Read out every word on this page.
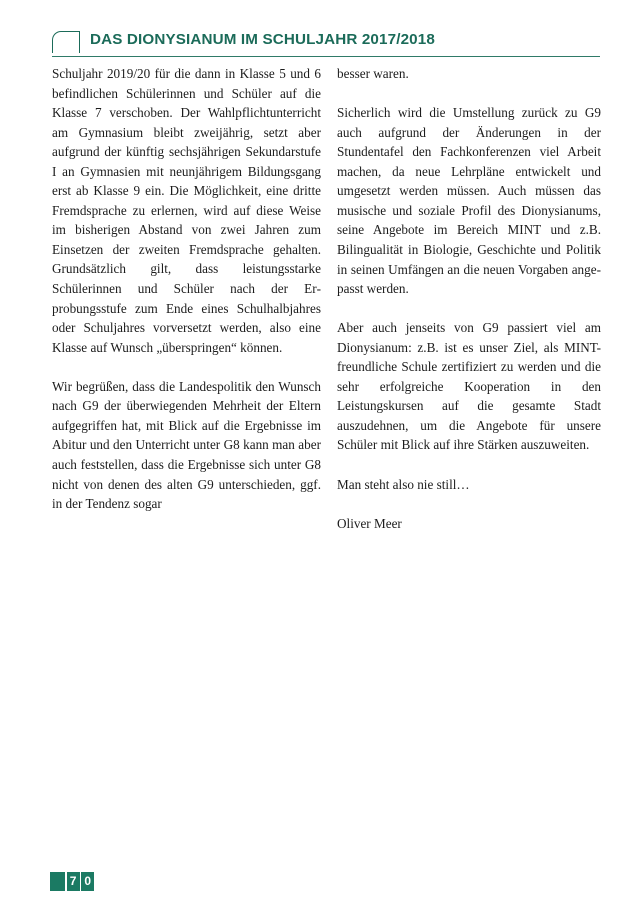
DAS DIONYSIANUM IM SCHULJAHR 2017/2018

Schuljahr 2019/20 für die dann in Klasse 5 und 6 befindlichen Schülerinnen und Schüler auf die Klasse 7 verschoben. Der Wahlpflichtunterricht am Gymnasium bleibt zweijährig, setzt aber aufgrund der künftig sechsjährigen Sekundarstufe I an Gymnasien mit neunjährigem Bildungsgang erst ab Klasse 9 ein. Die Möglichkeit, eine dritte Fremdsprache zu erlernen, wird auf diese Weise im bisherigen Abstand von zwei Jahren zum Einsetzen der zweiten Fremdsprache gehalten. Grundsätzlich gilt, dass leistungsstarke Schülerinnen und Schüler nach der Erprobungsstufe zum Ende eines Schulhalbjahres oder Schuljahres vorversetzt werden, also eine Klasse auf Wunsch „überspringen“ können.

Wir begrüßen, dass die Landespolitik den Wunsch nach G9 der überwiegenden Mehrheit der Eltern aufgegriffen hat, mit Blick auf die Ergebnisse im Abitur und den Unterricht unter G8 kann man aber auch feststellen, dass die Ergebnisse sich unter G8 nicht von denen des alten G9 unterschieden, ggf. in der Tendenz sogar

besser waren.

Sicherlich wird die Umstellung zurück zu G9 auch aufgrund der Änderungen in der Stundentafel den Fachkonferenzen viel Arbeit machen, da neue Lehrpläne entwickelt und umgesetzt werden müssen. Auch müssen das musische und soziale Profil des Dionysianums, seine Angebote im Bereich MINT und z.B. Bilingualität in Biologie, Geschichte und Politik in seinen Umfängen an die neuen Vorgaben angepasst werden.

Aber auch jenseits von G9 passiert viel am Dionysianum: z.B. ist es unser Ziel, als MINT-freundliche Schule zertifiziert zu werden und die sehr erfolgreiche Kooperation in den Leistungskursen auf die gesamte Stadt auszudehnen, um die Angebote für unsere Schüler mit Blick auf ihre Stärken auszuweiten.

Man steht also nie still…

Oliver Meer

7 0
